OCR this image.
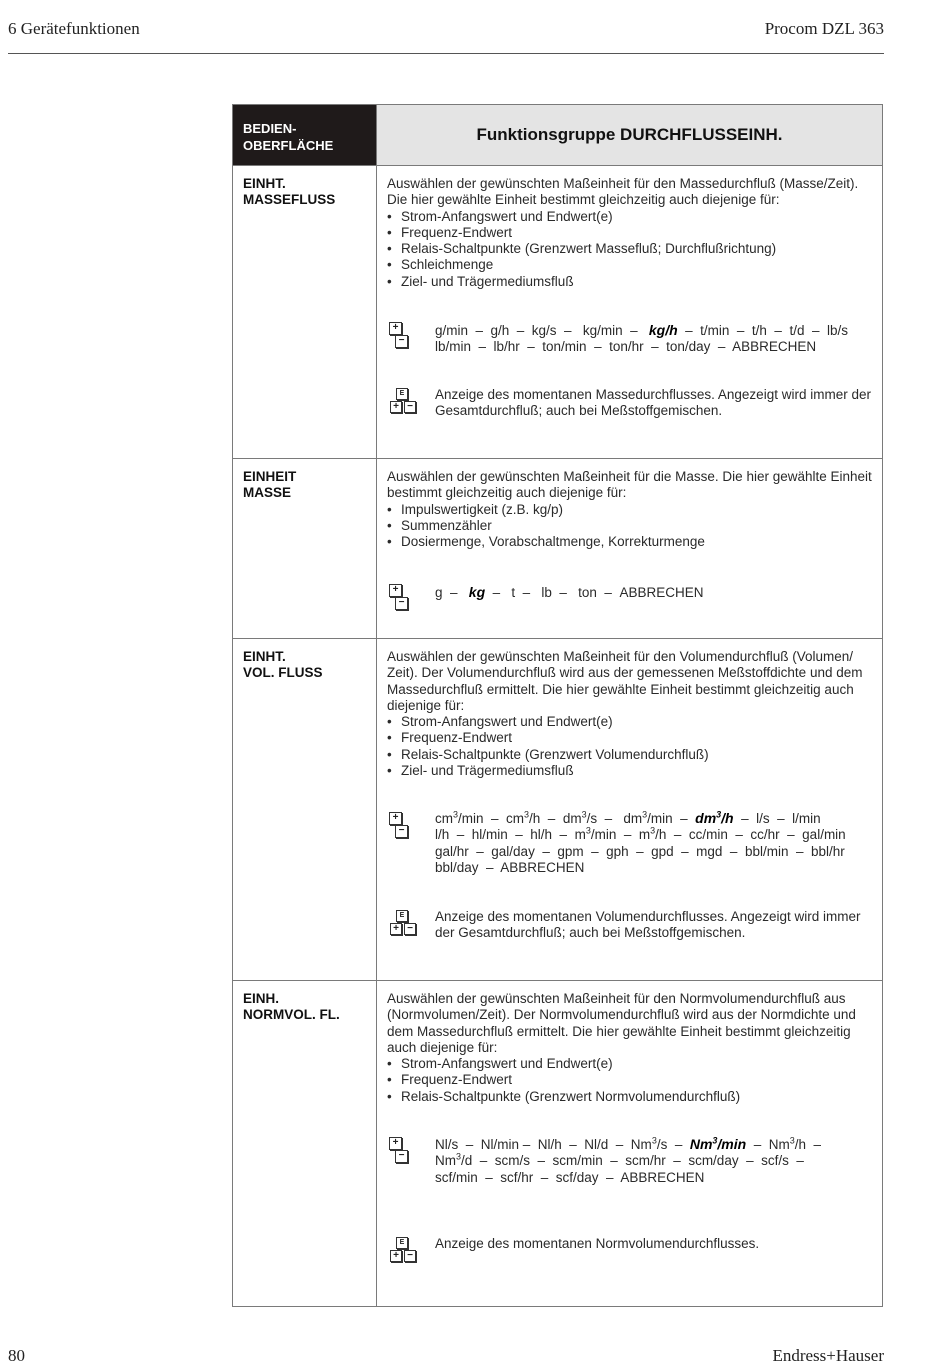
6 Gerätefunktionen	Procom DZL 363
BEDIEN-
OBERFLÄCHE
Funktionsgruppe DURCHFLUSSEINH.
EINHT.
MASSEFLUSS
Auswählen der gewünschten Maßeinheit für den Massedurchfluß (Masse/Zeit). Die hier gewählte Einheit bestimmt gleichzeitig auch diejenige für:
• Strom-Anfangswert und Endwert(e)
• Frequenz-Endwert
• Relais-Schaltpunkte (Grenzwert Massefluß; Durchflußrichtung)
• Schleichmenge
• Ziel- und Trägermediumsfluß
+
−
g/min  –  g/h  –  kg/s  –   kg/min  –   kg/h  –  t/min  –  t/h  –  t/d  –  lb/s
lb/min  –  lb/hr  –  ton/min  –  ton/hr  –  ton/day  –  ABBRECHEN
E
+ −
Anzeige des momentanen Massedurchflusses. Angezeigt wird immer der Gesamtdurchfluß; auch bei Meßstoffgemischen.
EINHEIT
MASSE
Auswählen der gewünschten Maßeinheit für die Masse. Die hier gewählte Einheit bestimmt gleichzeitig auch diejenige für:
• Impulswertigkeit (z.B. kg/p)
• Summenzähler
• Dosiermenge, Vorabschaltmenge, Korrekturmenge
+
−
g  –   kg  –   t  –   lb  –   ton  –  ABBRECHEN
EINHT.
VOL. FLUSS
Auswählen der gewünschten Maßeinheit für den Volumendurchfluß (Volumen/ Zeit). Der Volumendurchfluß wird aus der gemessenen Meßstoffdichte und dem Massedurchfluß ermittelt. Die hier gewählte Einheit bestimmt gleichzeitig auch diejenige für:
• Strom-Anfangswert und Endwert(e)
• Frequenz-Endwert
• Relais-Schaltpunkte (Grenzwert Volumendurchfluß)
• Ziel- und Trägermediumsfluß
+
−
$cm^3/\min - cm^3/h - dm^3/s - dm^3/\min - dm^3/h - l/s - l/\min$
$l/h - hl/\min - hl/h - m^3/\min - m^3/h - cc/\min - cc/hr - gal/\min$
gal/hr  –  gal/day  –  gpm  –  gph  –  gpd  –  mgd  –  bbl/min  –  bbl/hr
bbl/day  –  ABBRECHEN
E
+ −
Anzeige des momentanen Volumendurchflusses. Angezeigt wird immer der Gesamtdurchfluß; auch bei Meßstoffgemischen.
EINH.
NORMVOL. FL.
Auswählen der gewünschten Maßeinheit für den Normvolumendurchfluß aus (Normvolumen/Zeit). Der Normvolumendurchfluß wird aus der Normdichte und dem Massedurchfluß ermittelt. Die hier gewählte Einheit bestimmt gleichzeitig auch diejenige für:
• Strom-Anfangswert und Endwert(e)
• Frequenz-Endwert
• Relais-Schaltpunkte (Grenzwert Normvolumendurchfluß)
+
−
Nl/s  –  Nl/min –  Nl/h  –  Nl/d  –  Nm$^3$/s  –  Nm$^3$/min  –  Nm$^3$/h  –
Nm$^3$/d  –  scm/s  –  scm/min  –  scm/hr  –  scm/day  –  scf/s  –
scf/min  –  scf/hr  –  scf/day  –  ABBRECHEN
E
+ −
Anzeige des momentanen Normvolumendurchflusses.
80	Endress+Hauser
